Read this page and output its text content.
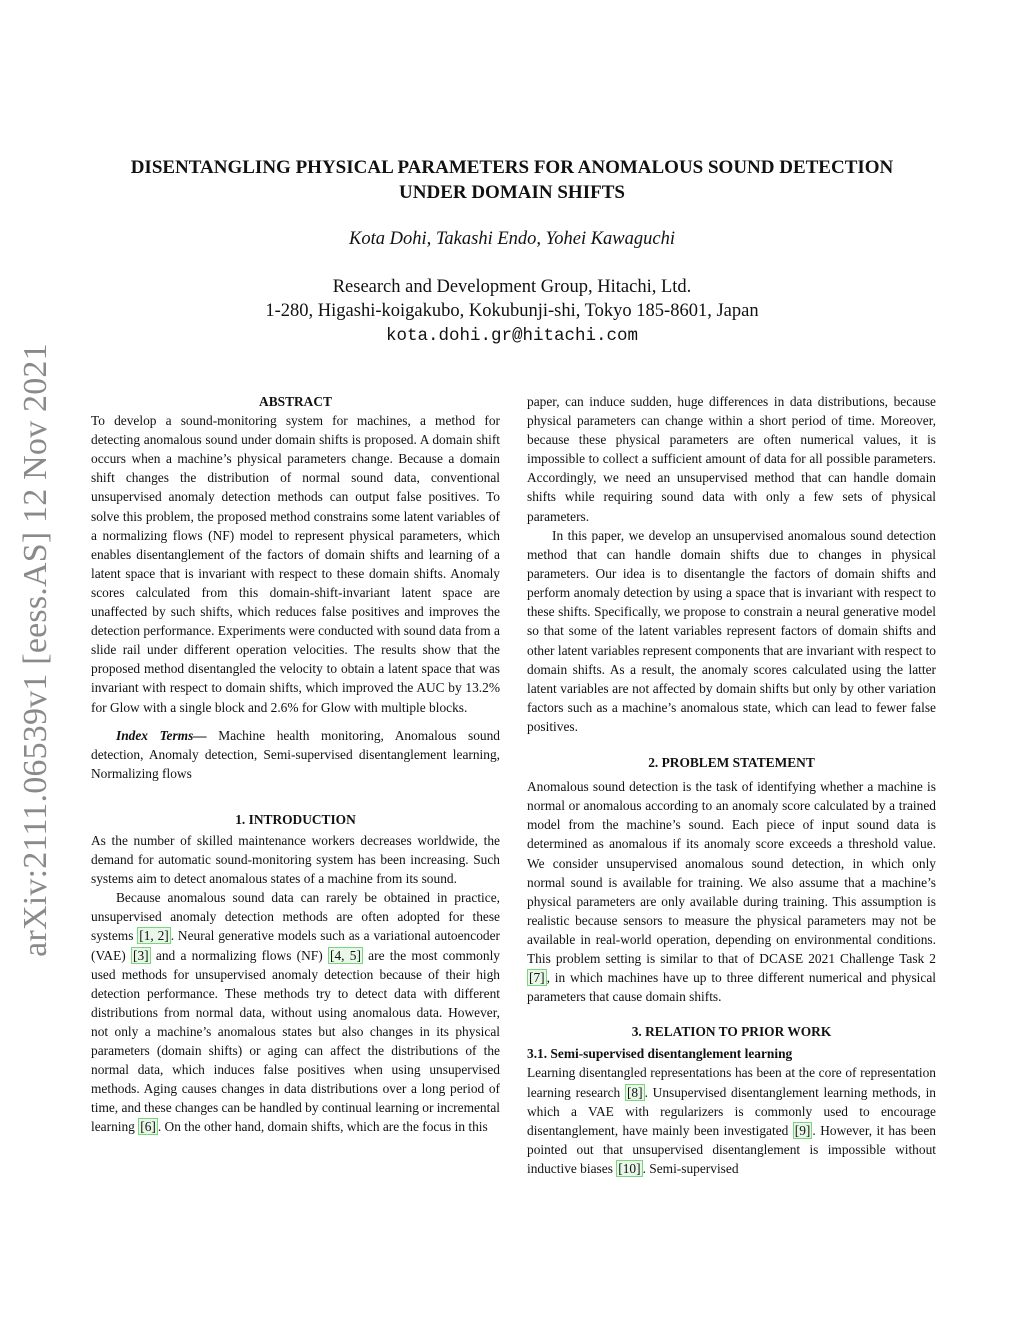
arXiv:2111.06539v1 [eess.AS] 12 Nov 2021
DISENTANGLING PHYSICAL PARAMETERS FOR ANOMALOUS SOUND DETECTION
UNDER DOMAIN SHIFTS
Kota Dohi, Takashi Endo, Yohei Kawaguchi
Research and Development Group, Hitachi, Ltd.
1-280, Higashi-koigakubo, Kokubunji-shi, Tokyo 185-8601, Japan
kota.dohi.gr@hitachi.com
ABSTRACT

To develop a sound-monitoring system for machines, a method for detecting anomalous sound under domain shifts is proposed. A domain shift occurs when a machine’s physical parameters change. Because a domain shift changes the distribution of normal sound data, conventional unsupervised anomaly detection methods can output false positives. To solve this problem, the proposed method constrains some latent variables of a normalizing flows (NF) model to represent physical parameters, which enables disentanglement of the factors of domain shifts and learning of a latent space that is invariant with respect to these domain shifts. Anomaly scores calculated from this domain-shift-invariant latent space are unaffected by such shifts, which reduces false positives and improves the detection performance. Experiments were conducted with sound data from a slide rail under different operation velocities. The results show that the proposed method disentangled the velocity to obtain a latent space that was invariant with respect to domain shifts, which improved the AUC by 13.2% for Glow with a single block and 2.6% for Glow with multiple blocks.

Index Terms— Machine health monitoring, Anomalous sound detection, Anomaly detection, Semi-supervised disentanglement learning, Normalizing flows

1. INTRODUCTION

As the number of skilled maintenance workers decreases worldwide, the demand for automatic sound-monitoring system has been increasing. Such systems aim to detect anomalous states of a machine from its sound.

Because anomalous sound data can rarely be obtained in practice, unsupervised anomaly detection methods are often adopted for these systems [1, 2] . Neural generative models such as a variational autoencoder (VAE) [3] and a normalizing flows (NF) [4, 5] are the most commonly used methods for unsupervised anomaly detection because of their high detection performance. These methods try to detect data with different distributions from normal data, without using anomalous data. However, not only a machine’s anomalous states but also changes in its physical parameters (domain shifts) or aging can affect the distributions of the normal data, which induces false positives when using unsupervised methods. Aging causes changes in data distributions over a long period of time, and these changes can be handled by continual learning or incremental learning [6] . On the other hand, domain shifts, which are the focus in this

paper, can induce sudden, huge differences in data distributions, because physical parameters can change within a short period of time. Moreover, because these physical parameters are often numerical values, it is impossible to collect a sufficient amount of data for all possible parameters. Accordingly, we need an unsupervised method that can handle domain shifts while requiring sound data with only a few sets of physical parameters.

In this paper, we develop an unsupervised anomalous sound detection method that can handle domain shifts due to changes in physical parameters. Our idea is to disentangle the factors of domain shifts and perform anomaly detection by using a space that is invariant with respect to these shifts. Specifically, we propose to constrain a neural generative model so that some of the latent variables represent factors of domain shifts and other latent variables represent components that are invariant with respect to domain shifts. As a result, the anomaly scores calculated using the latter latent variables are not affected by domain shifts but only by other variation factors such as a machine’s anomalous state, which can lead to fewer false positives.

2. PROBLEM STATEMENT

Anomalous sound detection is the task of identifying whether a machine is normal or anomalous according to an anomaly score calculated by a trained model from the machine’s sound. Each piece of input sound data is determined as anomalous if its anomaly score exceeds a threshold value. We consider unsupervised anomalous sound detection, in which only normal sound is available for training. We also assume that a machine’s physical parameters are only available during training. This assumption is realistic because sensors to measure the physical parameters may not be available in real-world operation, depending on environmental conditions. This problem setting is similar to that of DCASE 2021 Challenge Task 2 [7] , in which machines have up to three different numerical and physical parameters that cause domain shifts.

3. RELATION TO PRIOR WORK
3.1. Semi-supervised disentanglement learning

Learning disentangled representations has been at the core of representation learning research [8] . Unsupervised disentanglement learning methods, in which a VAE with regularizers is commonly used to encourage disentanglement, have mainly been investigated [9] . However, it has been pointed out that unsupervised disentanglement is impossible without inductive biases [10] . Semi-supervised
